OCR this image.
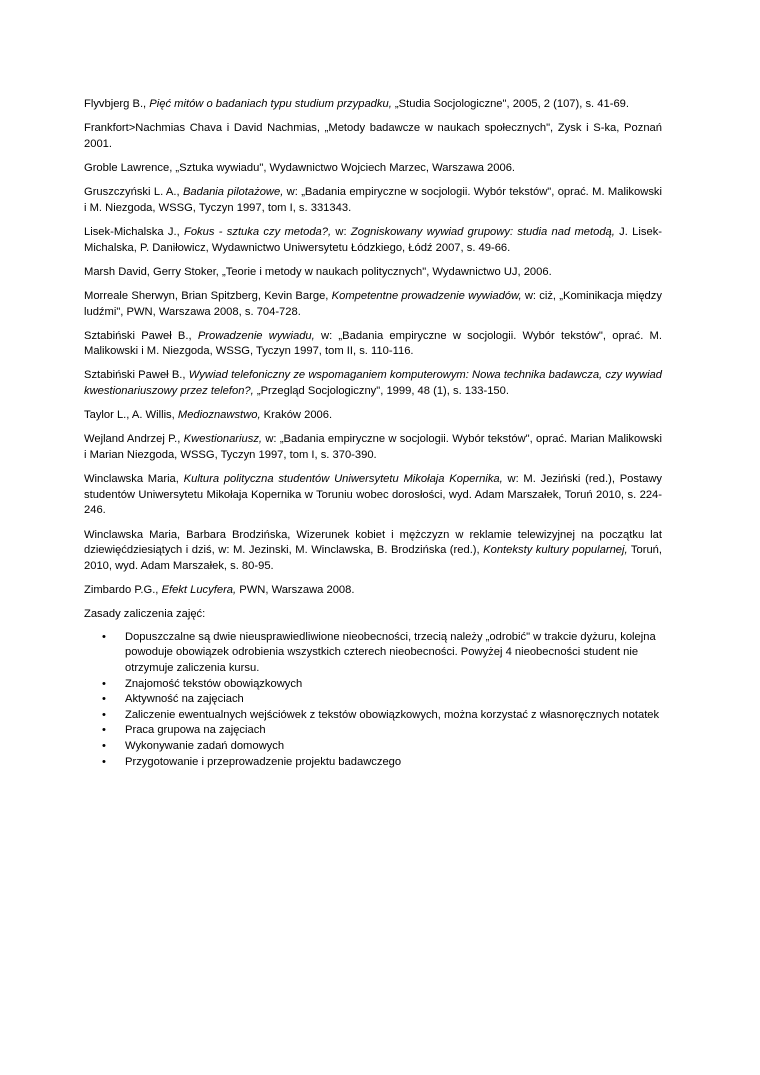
Flyvbjerg B., Pięć mitów o badaniach typu studium przypadku, „Studia Socjologiczne", 2005, 2 (107), s. 41-69.

Frankfort>Nachmias Chava i David Nachmias, „Metody badawcze w naukach społecznych", Zysk i S-ka, Poznań 2001.

Groble Lawrence, „Sztuka wywiadu", Wydawnictwo Wojciech Marzec, Warszawa 2006.

Gruszczyński L. A., Badania pilotażowe, w: „Badania empiryczne w socjologii. Wybór tekstów", oprać. M. Malikowski i M. Niezgoda, WSSG, Tyczyn 1997, tom I, s. 331343.

Lisek-Michalska J., Fokus - sztuka czy metoda?, w: Zogniskowany wywiad grupowy: studia nad metodą, J. Lisek-Michalska, P. Daniłowicz, Wydawnictwo Uniwersytetu Łódzkiego, Łódź 2007, s. 49-66.

Marsh David, Gerry Stoker, „Teorie i metody w naukach politycznych", Wydawnictwo UJ, 2006.

Morreale Sherwyn, Brian Spitzberg, Kevin Barge, Kompetentne prowadzenie wywiadów, w: ciż, „Kominikacja między ludźmi", PWN, Warszawa 2008, s. 704-728.

Sztabiński Paweł B., Prowadzenie wywiadu, w: „Badania empiryczne w socjologii. Wybór tekstów", oprać. M. Malikowski i M. Niezgoda, WSSG, Tyczyn 1997, tom II, s. 110-116.

Sztabiński Paweł B., Wywiad telefoniczny ze wspomaganiem komputerowym: Nowa technika badawcza, czy wywiad kwestionariuszowy przez telefon?, „Przegląd Socjologiczny", 1999, 48 (1), s. 133-150.

Taylor L., A. Willis, Medioznawstwo, Kraków 2006.

Wejland Andrzej P., Kwestionariusz, w: „Badania empiryczne w socjologii. Wybór tekstów", oprać. Marian Malikowski i Marian Niezgoda, WSSG, Tyczyn 1997, tom I, s. 370-390.

Winclawska Maria, Kultura polityczna studentów Uniwersytetu Mikołaja Kopernika, w: M. Jeziński (red.), Postawy studentów Uniwersytetu Mikołaja Kopernika w Toruniu wobec dorosłości, wyd. Adam Marszałek, Toruń 2010, s. 224-246.

Winclawska Maria, Barbara Brodzińska, Wizerunek kobiet i mężczyzn w reklamie telewizyjnej na początku lat dziewięćdziesiątych i dziś, w: M. Jezinski, M. Winclawska, B. Brodzińska (red.), Konteksty kultury popularnej, Toruń, 2010, wyd. Adam Marszałek, s. 80-95.

Zimbardo P.G., Efekt Lucyfera, PWN, Warszawa 2008.

Zasady zaliczenia zajęć:

• Dopuszczalne są dwie nieusprawiedliwione nieobecności, trzecią należy „odrobić" w trakcie dyżuru, kolejna powoduje obowiązek odrobienia wszystkich czterech nieobecności. Powyżej 4 nieobecności student nie otrzymuje zaliczenia kursu.
• Znajomość tekstów obowiązkowych
• Aktywność na zajęciach
• Zaliczenie ewentualnych wejściówek z tekstów obowiązkowych, można korzystać z własnoręcznych notatek
• Praca grupowa na zajęciach
• Wykonywanie zadań domowych
• Przygotowanie i przeprowadzenie projektu badawczego
